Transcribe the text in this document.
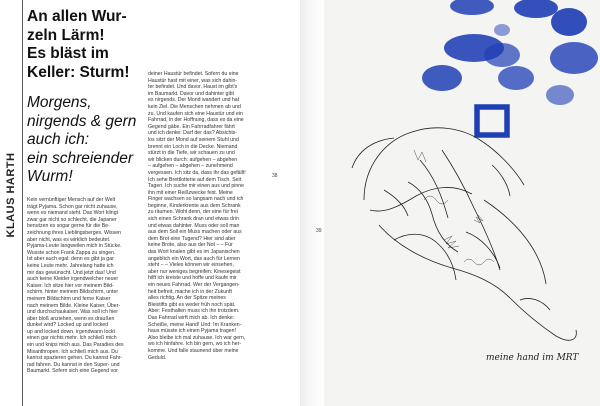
KLAUS HARTH

An allen Wur-
zeln Lärm!
Es bläst im
Keller: Sturm!

Morgens,
nirgends & gern
auch ich:
ein schreiender
Wurm!

Kein vernünftiger Mensch auf der Welt
trägt Pyjama. Schon gar nicht zuhause,
wenn es niemand sieht. Das Wort klingt
zwar gar nicht so schlecht, die Japaner
benutzen es sogar gerne für die Be-
zeichnung ihres Lieblingsberges. Wissen
aber nicht, was es wirklich bedeutet.
Pyjama-Leute langweilen mich in Stücke.
Wusste schon Frank Zappa zu singen.
Ist aber auch egal: denn es gibt ja gar
keine Leute mehr. Jahrelang hatte ich
mir das gewünscht. Und jetzt das! Und
auch keine Kleider irgendwelcher neuer
Kaiser. Ich sitze hier vor meinem Bild-
schirm, hinter meinem Bildschirm, unter
meinem Bildschirm und ferne Kaiser
nach meinem Bilde. Kleine Kaiser, Über-
und durchschaukaiser. Was soll ich hier
aber bloß anziehen, wenn es draußen
dunkel wird? Locked up and locked
up and locked down, irgendwann lockt
einen gar nichts mehr. Ich schließ mich
ein und knips mich aus. Das Paradies des
Misanthropen. Ich schließ mich aus. Du
kannst spazieren gehen. Du kannst Fahr-
rad fahren. Du kannst in den Super- und
Baumarkt. Sofern sich eine Gegend vor

deiner Haustür befindet. Sofern du eine
Haustür hast mit einer, was sich dahin-
ter befindet. Und davor. Haust im gibt's
im Baumarkt. Davor und dahinter gibt
es nirgends. Der Mond wandert und hat
kein Ziel. Die Menschen nehmen ab und
zu. Und kaufen sich eine Haustür und ein
Fahrrad, in der Hoffnung, dass es da eine
Gegend gäbe. Ein Fahrradfahrer fährt
und ich denke: Darf der das? Absichts-
los sitzt der Mond auf seinem Stuhl und
brennt ein Loch in die Decke. Niemand
stürzt in die Tiefe, wir schauen zu und
wir blicken durch: aufgehen – abgehen
– aufgehen – abgehen – zunehmend
vergessen. Ich sitz da, dass ihr das gefällt!
Ich sehe Brettlotterie auf dem Tisch. Seit
Tagen. Ich suche mir einen aus und pinne
ihn mit einer Reißzwecke fest. Meine
Finger wachsen so langsam nach und ich
beginne, Kinderkrente aus dem Schrank
zu räumen. Wohl denn, der eine für frei
sich einen Schrank dran und etwas drin
und etwas dahinter. Muss oder soll man
aus dem Soll ein Muss machen oder aus
dem Brot eine Tugend? Hier sind aber
keine Brote, also aus der Not – – Für
das Wort knalen gibt es im Japanischen
angeblich ein Wort, das auch für Lernen
steht – – Vieles können wir einsehen,
aber nur weniges begreifen: Kinesegeist
hilft ich kreiste und hoffe und kaufe mir
ein neues Fahrrad. Wer der Vergangen-
heit befreit, mache ich in der Zukunft
alles richtig. An der Spitze meines
Bleistifts gibt es weder früh noch spät.
Aber: Festhalten muss ich ihn trotzdem.
Das Fahrrad wirft mich ab. Ich denke:
Scheiße, meine Hand! Und: Im Kranken-
haus müsste ich einen Pyjama tragen!
Also bleibe ich mal zuhause. Ich war gern,
wo ich hinfahre. Ich bin gern, wo ich her-
komme. Und falle staunend über meine
Geduld.

38
39
meine hand im MRT
